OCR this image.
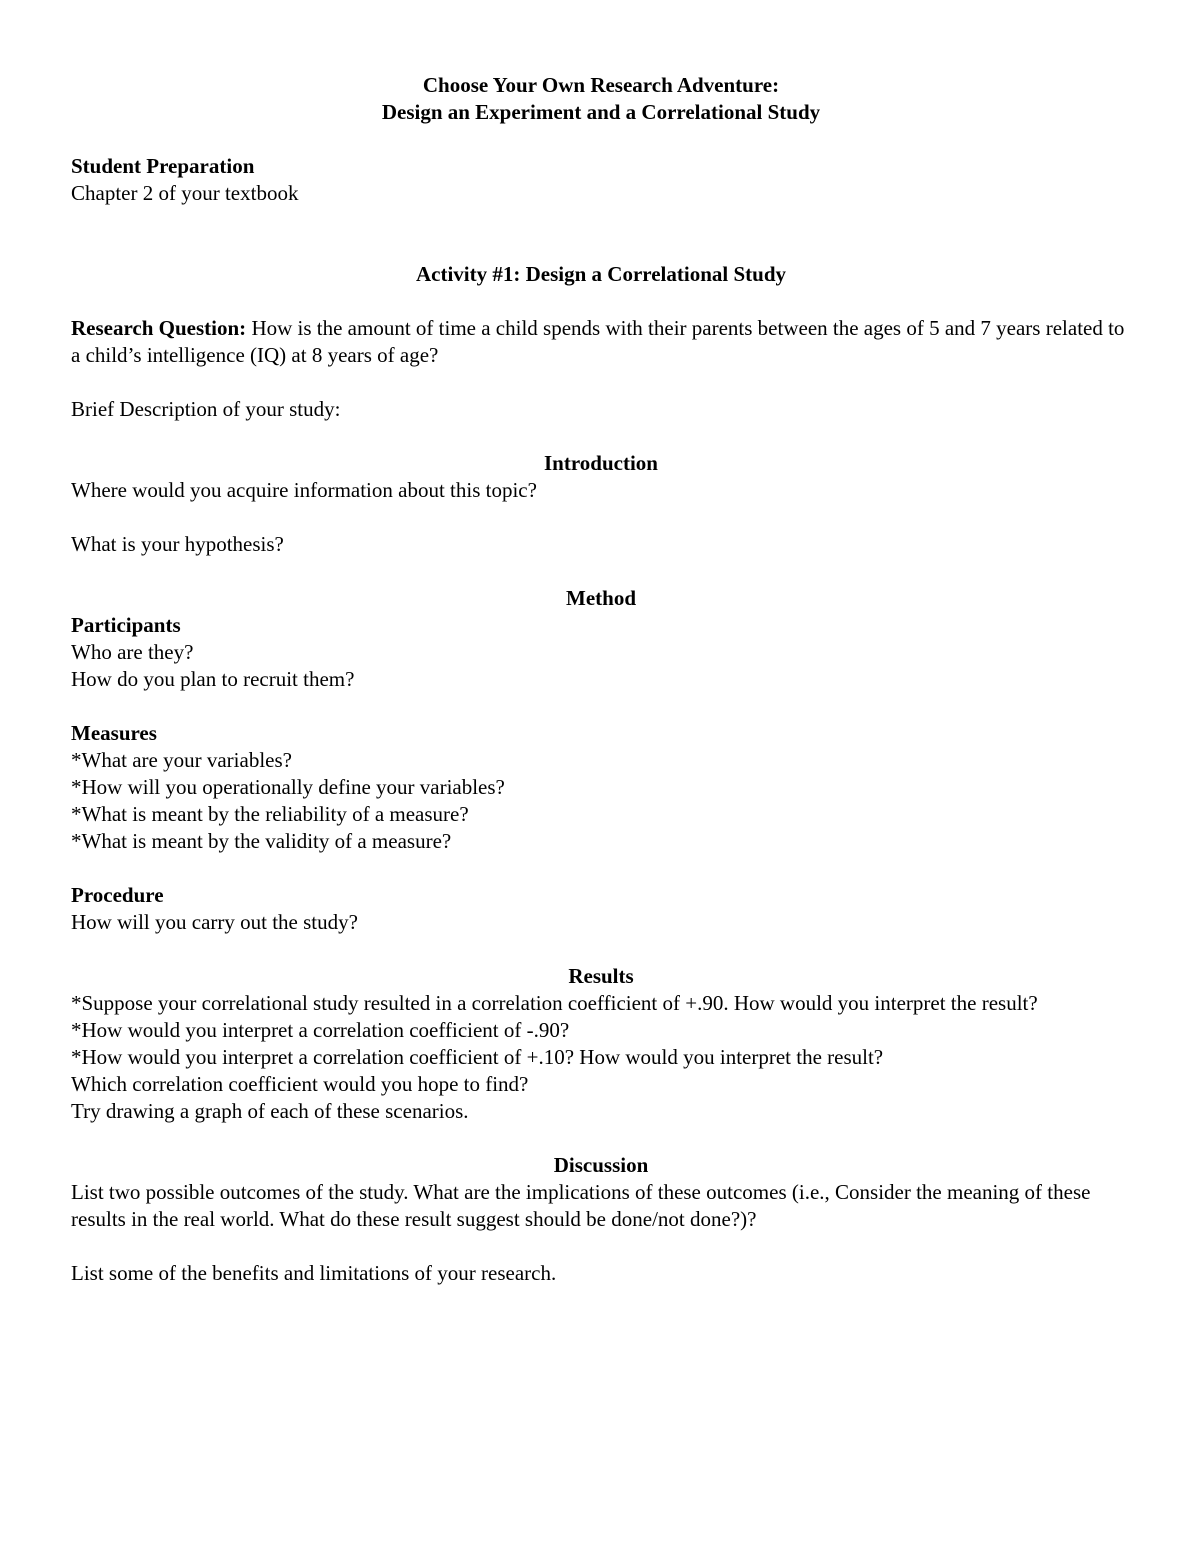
Choose Your Own Research Adventure:
Design an Experiment and a Correlational Study
Student Preparation
Chapter 2 of your textbook
Activity #1: Design a Correlational Study
Research Question: How is the amount of time a child spends with their parents between the ages of 5 and 7 years related to a child’s intelligence (IQ) at 8 years of age?
Brief Description of your study:
Introduction
Where would you acquire information about this topic?
What is your hypothesis?
Method
Participants
Who are they?
How do you plan to recruit them?
Measures
*What are your variables?
*How will you operationally define your variables?
*What is meant by the reliability of a measure?
*What is meant by the validity of a measure?
Procedure
How will you carry out the study?
Results
*Suppose your correlational study resulted in a correlation coefficient of +.90. How would you interpret the result?
*How would you interpret a correlation coefficient of -.90?
*How would you interpret a correlation coefficient of +.10? How would you interpret the result?
Which correlation coefficient would you hope to find?
Try drawing a graph of each of these scenarios.
Discussion
List two possible outcomes of the study. What are the implications of these outcomes (i.e., Consider the meaning of these results in the real world. What do these result suggest should be done/not done?)?
List some of the benefits and limitations of your research.
